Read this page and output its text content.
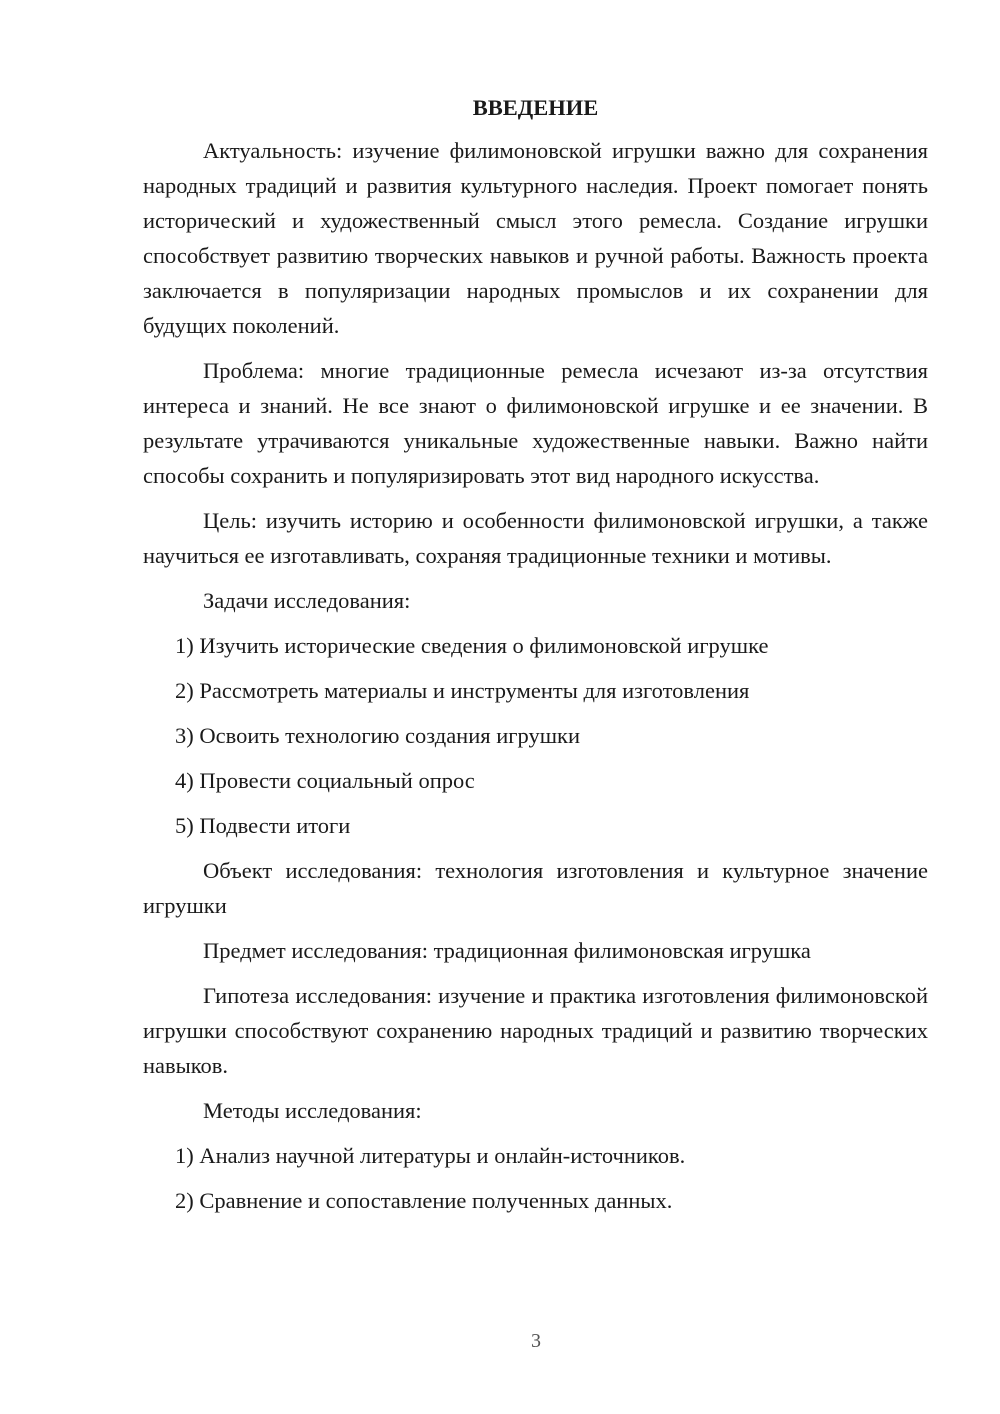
ВВЕДЕНИЕ

Актуальность: изучение филимоновской игрушки важно для сохранения народных традиций и развития культурного наследия. Проект помогает понять исторический и художественный смысл этого ремесла. Создание игрушки способствует развитию творческих навыков и ручной работы. Важность проекта заключается в популяризации народных промыслов и их сохранении для будущих поколений.

Проблема: многие традиционные ремесла исчезают из-за отсутствия интереса и знаний. Не все знают о филимоновской игрушке и ее значении. В результате утрачиваются уникальные художественные навыки. Важно найти способы сохранить и популяризировать этот вид народного искусства.

Цель: изучить историю и особенности филимоновской игрушки, а также научиться ее изготавливать, сохраняя традиционные техники и мотивы.

Задачи исследования:

1) Изучить исторические сведения о филимоновской игрушке
2) Рассмотреть материалы и инструменты для изготовления
3) Освоить технологию создания игрушки
4) Провести социальный опрос
5) Подвести итоги

Объект исследования: технология изготовления и культурное значение игрушки

Предмет исследования: традиционная филимоновская игрушка

Гипотеза исследования: изучение и практика изготовления филимоновской игрушки способствуют сохранению народных традиций и развитию творческих навыков.

Методы исследования:

1) Анализ научной литературы и онлайн-источников.
2) Сравнение и сопоставление полученных данных.
3
